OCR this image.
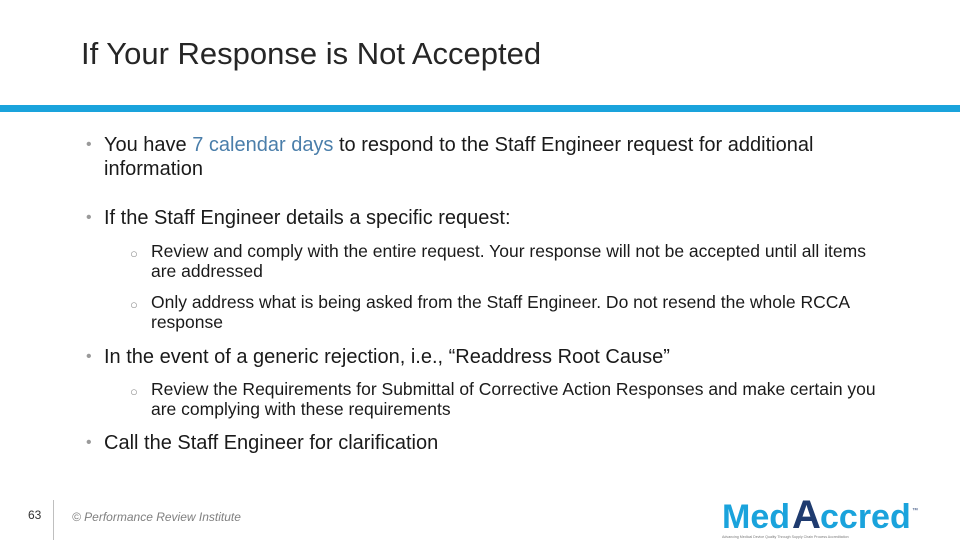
If Your Response is Not Accepted
• You have 7 calendar days to respond to the Staff Engineer request for additional information
• If the Staff Engineer details a specific request:
○ Review and comply with the entire request. Your response will not be accepted until all items are addressed
○ Only address what is being asked from the Staff Engineer. Do not resend the whole RCCA response
• In the event of a generic rejection, i.e., “Readdress Root Cause”
○ Review the Requirements for Submittal of Corrective Action Responses and make certain you are complying with these requirements
• Call the Staff Engineer for clarification
63	© Performance Review Institute	Med A ccred ™
Advancing Medical Device Quality Through Supply Chain Process Accreditation
